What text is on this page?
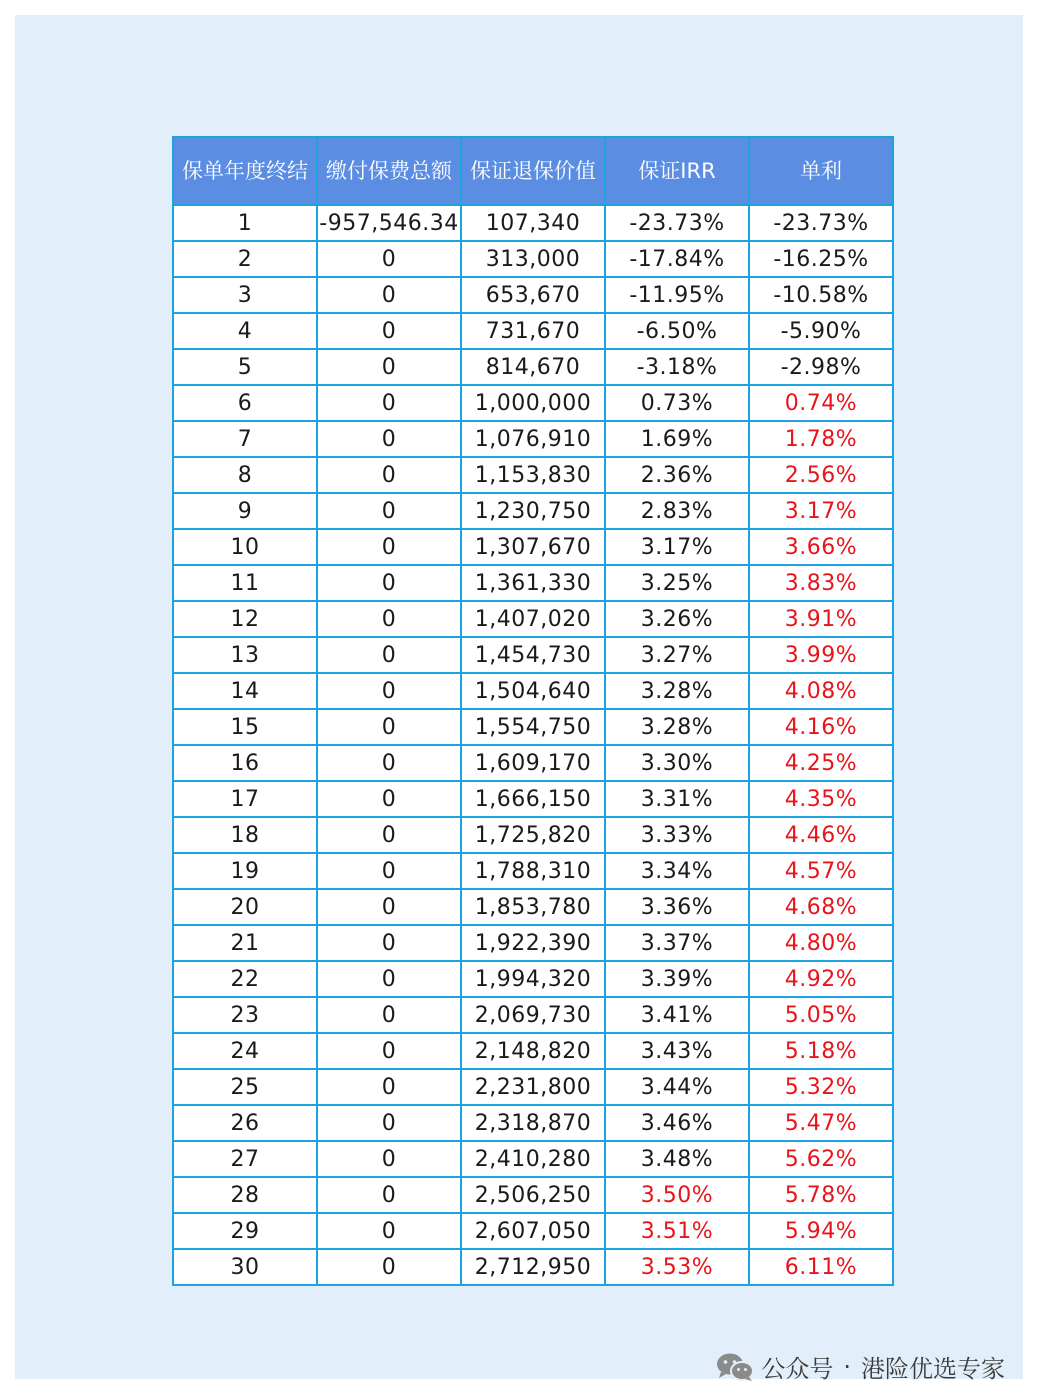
保单年度终结	缴付保费总额	保证退保价值	保证IRR	单利

1	-957,546.34	107,340	-23.73%	-23.73%
2	0	313,000	-17.84%	-16.25%
3	0	653,670	-11.95%	-10.58%
4	0	731,670	-6.50%	-5.90%
5	0	814,670	-3.18%	-2.98%
6	0	1,000,000	0.73%	0.74%
7	0	1,076,910	1.69%	1.78%
8	0	1,153,830	2.36%	2.56%
9	0	1,230,750	2.83%	3.17%
10	0	1,307,670	3.17%	3.66%
11	0	1,361,330	3.25%	3.83%
12	0	1,407,020	3.26%	3.91%
13	0	1,454,730	3.27%	3.99%
14	0	1,504,640	3.28%	4.08%
15	0	1,554,750	3.28%	4.16%
16	0	1,609,170	3.30%	4.25%
17	0	1,666,150	3.31%	4.35%
18	0	1,725,820	3.33%	4.46%
19	0	1,788,310	3.34%	4.57%
20	0	1,853,780	3.36%	4.68%
21	0	1,922,390	3.37%	4.80%
22	0	1,994,320	3.39%	4.92%
23	0	2,069,730	3.41%	5.05%
24	0	2,148,820	3.43%	5.18%
25	0	2,231,800	3.44%	5.32%
26	0	2,318,870	3.46%	5.47%
27	0	2,410,280	3.48%	5.62%
28	0	2,506,250	3.50%	5.78%
29	0	2,607,050	3.51%	5.94%
30	0	2,712,950	3.53%	6.11%
公众号 · 港险优选专家
